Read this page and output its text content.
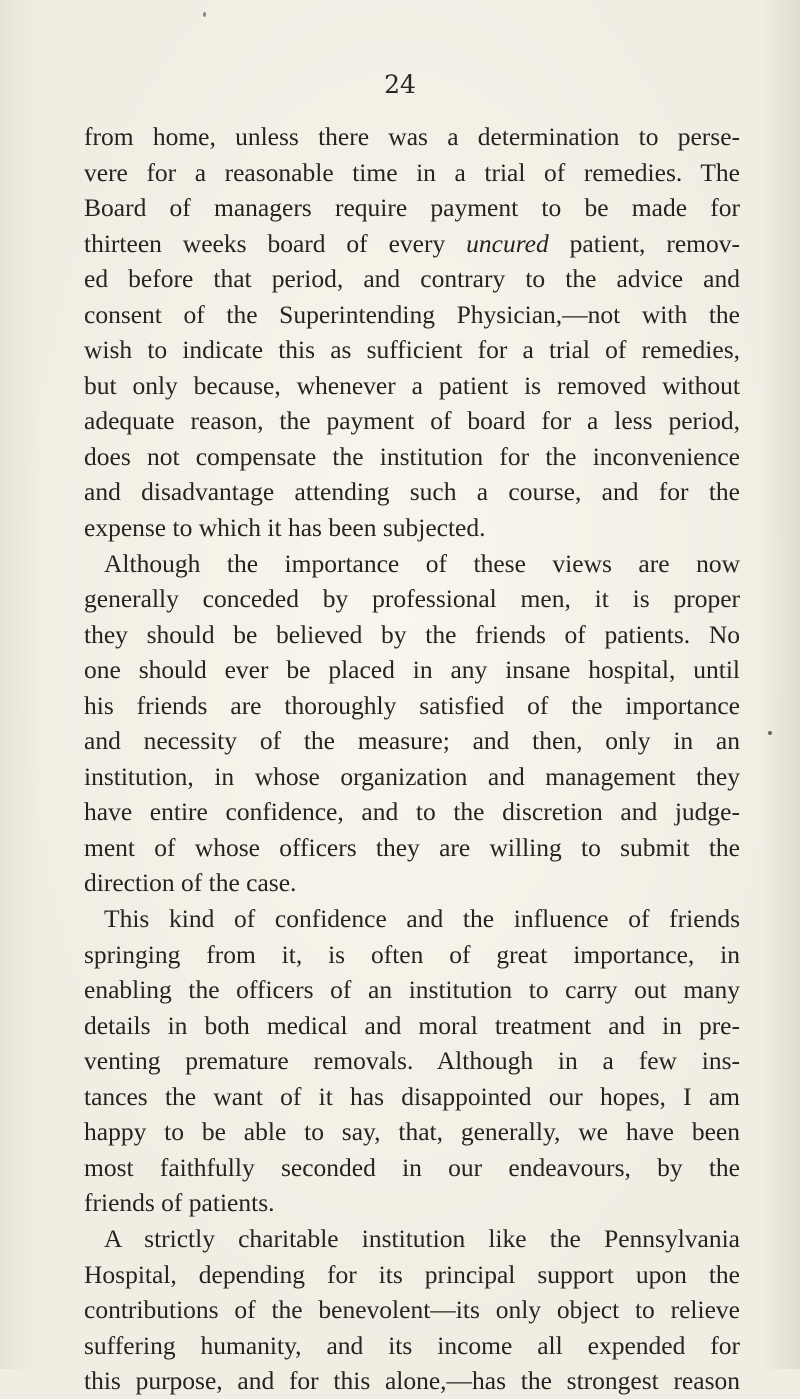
24
from home, unless there was a determination to perse-
vere for a reasonable time in a trial of remedies. The
Board of managers require payment to be made for
thirteen weeks board of every uncured patient, remov-
ed before that period, and contrary to the advice and
consent of the Superintending Physician,—not with the
wish to indicate this as sufficient for a trial of remedies,
but only because, whenever a patient is removed without
adequate reason, the payment of board for a less period,
does not compensate the institution for the inconvenience
and disadvantage attending such a course, and for the
expense to which it has been subjected.
Although the importance of these views are now
generally conceded by professional men, it is proper
they should be believed by the friends of patients. No
one should ever be placed in any insane hospital, until
his friends are thoroughly satisfied of the importance
and necessity of the measure; and then, only in an
institution, in whose organization and management they
have entire confidence, and to the discretion and judge-
ment of whose officers they are willing to submit the
direction of the case.
This kind of confidence and the influence of friends
springing from it, is often of great importance, in
enabling the officers of an institution to carry out many
details in both medical and moral treatment and in pre-
venting premature removals. Although in a few ins-
tances the want of it has disappointed our hopes, I am
happy to be able to say, that, generally, we have been
most faithfully seconded in our endeavours, by the
friends of patients.
A strictly charitable institution like the Pennsylvania
Hospital, depending for its principal support upon the
contributions of the benevolent—its only object to relieve
suffering humanity, and its income all expended for
this purpose, and for this alone,—has the strongest reason
